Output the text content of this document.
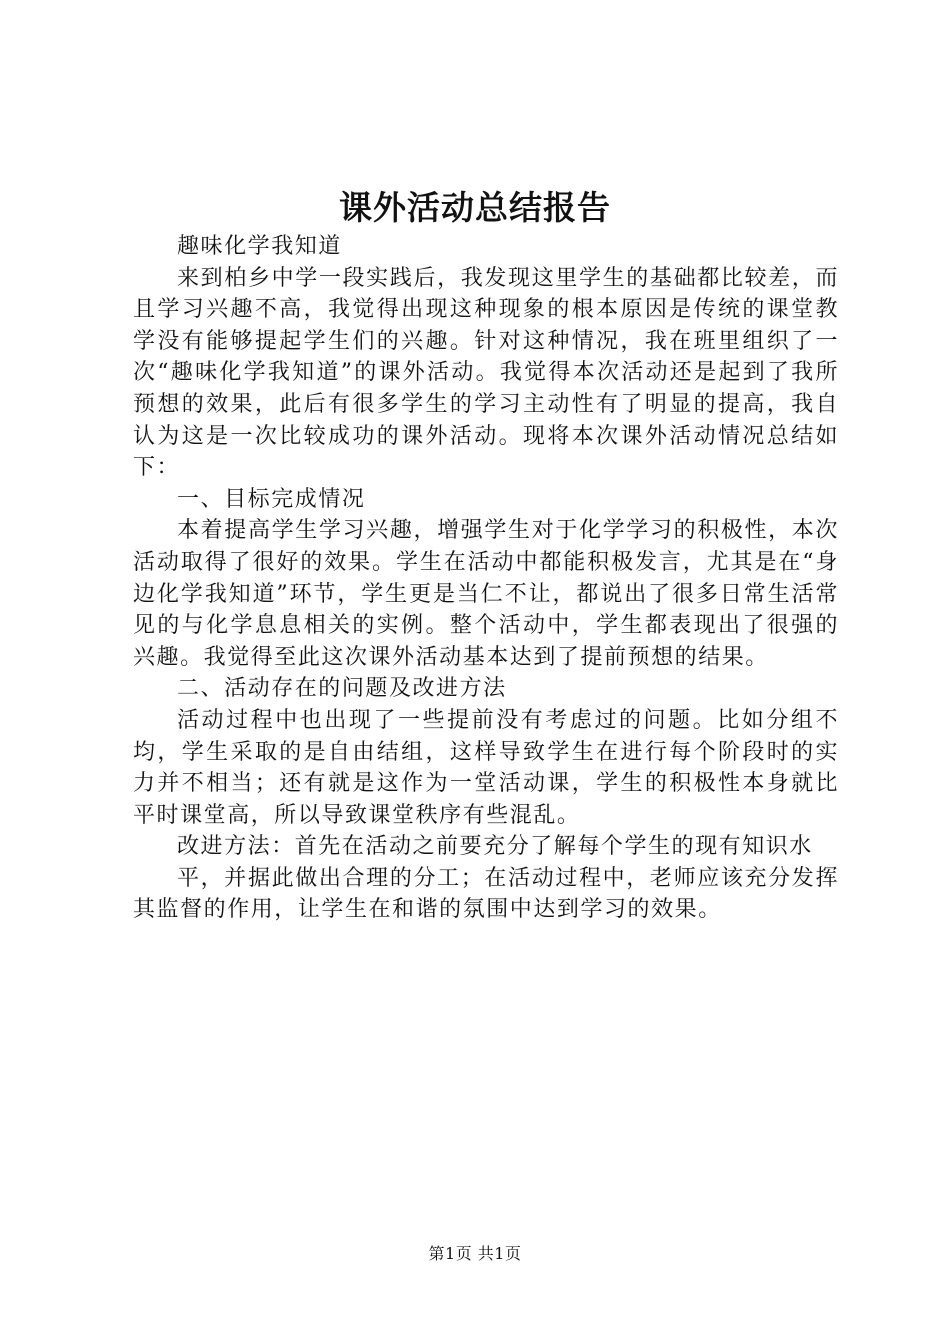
课外活动总结报告

趣味化学我知道

来到柏乡中学一段实践后，我发现这里学生的基础都比较差，而且学习兴趣不高，我觉得出现这种现象的根本原因是传统的课堂教学没有能够提起学生们的兴趣。针对这种情况，我在班里组织了一次“趣味化学我知道”的课外活动。我觉得本次活动还是起到了我所预想的效果，此后有很多学生的学习主动性有了明显的提高，我自认为这是一次比较成功的课外活动。现将本次课外活动情况总结如下：

一、目标完成情况

本着提高学生学习兴趣，增强学生对于化学学习的积极性，本次活动取得了很好的效果。学生在活动中都能积极发言，尤其是在“身边化学我知道”环节，学生更是当仁不让，都说出了很多日常生活常见的与化学息息相关的实例。整个活动中，学生都表现出了很强的兴趣。我觉得至此这次课外活动基本达到了提前预想的结果。

二、活动存在的问题及改进方法

活动过程中也出现了一些提前没有考虑过的问题。比如分组不均，学生采取的是自由结组，这样导致学生在进行每个阶段时的实力并不相当；还有就是这作为一堂活动课，学生的积极性本身就比平时课堂高，所以导致课堂秩序有些混乱。

改进方法：首先在活动之前要充分了解每个学生的现有知识水

平，并据此做出合理的分工；在活动过程中，老师应该充分发挥其监督的作用，让学生在和谐的氛围中达到学习的效果。

第1页 共1页
